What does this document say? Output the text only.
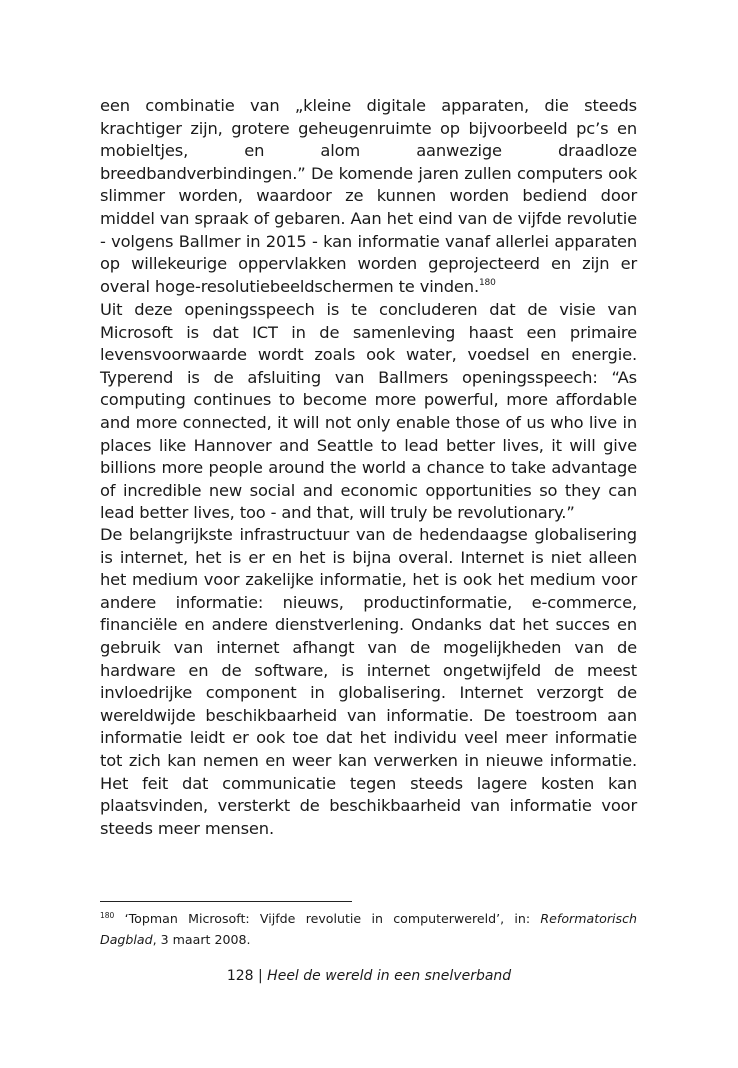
een combinatie van „kleine digitale apparaten, die steeds krachtiger zijn, grotere geheugenruimte op bijvoorbeeld pc’s en mobieltjes, en alom aanwezige draadloze breedbandverbindingen.” De komende jaren zullen computers ook slimmer worden, waardoor ze kunnen worden bediend door middel van spraak of gebaren. Aan het eind van de vijfde revolutie - volgens Ballmer in 2015 - kan informatie vanaf allerlei apparaten op willekeurige oppervlakken worden geprojecteerd en zijn er overal hoge-resolutiebeeldschermen te vinden.$^{180}$

Uit deze openingsspeech is te concluderen dat de visie van Microsoft is dat ICT in de samenleving haast een primaire levensvoorwaarde wordt zoals ook water, voedsel en energie. Typerend is de afsluiting van Ballmers openingsspeech: “As computing continues to become more powerful, more affordable and more connected, it will not only enable those of us who live in places like Hannover and Seattle to lead better lives, it will give billions more people around the world a chance to take advantage of incredible new social and economic opportunities so they can lead better lives, too - and that, will truly be revolutionary.”

De belangrijkste infrastructuur van de hedendaagse globalisering is internet, het is er en het is bijna overal. Internet is niet alleen het medium voor zakelijke informatie, het is ook het medium voor andere informatie: nieuws, productinformatie, e-commerce, financiële en andere dienstverlening. Ondanks dat het succes en gebruik van internet afhangt van de mogelijkheden van de hardware en de software, is internet ongetwijfeld de meest invloedrijke component in globalisering. Internet verzorgt de wereldwijde beschikbaarheid van informatie. De toestroom aan informatie leidt er ook toe dat het individu veel meer informatie tot zich kan nemen en weer kan verwerken in nieuwe informatie. Het feit dat communicatie tegen steeds lagere kosten kan plaatsvinden, versterkt de beschikbaarheid van informatie voor steeds meer mensen.

$^{180}$ ‘Topman Microsoft: Vijfde revolutie in computerwereld’, in: Reformatorisch Dagblad, 3 maart 2008.

128 | Heel de wereld in een snelverband
